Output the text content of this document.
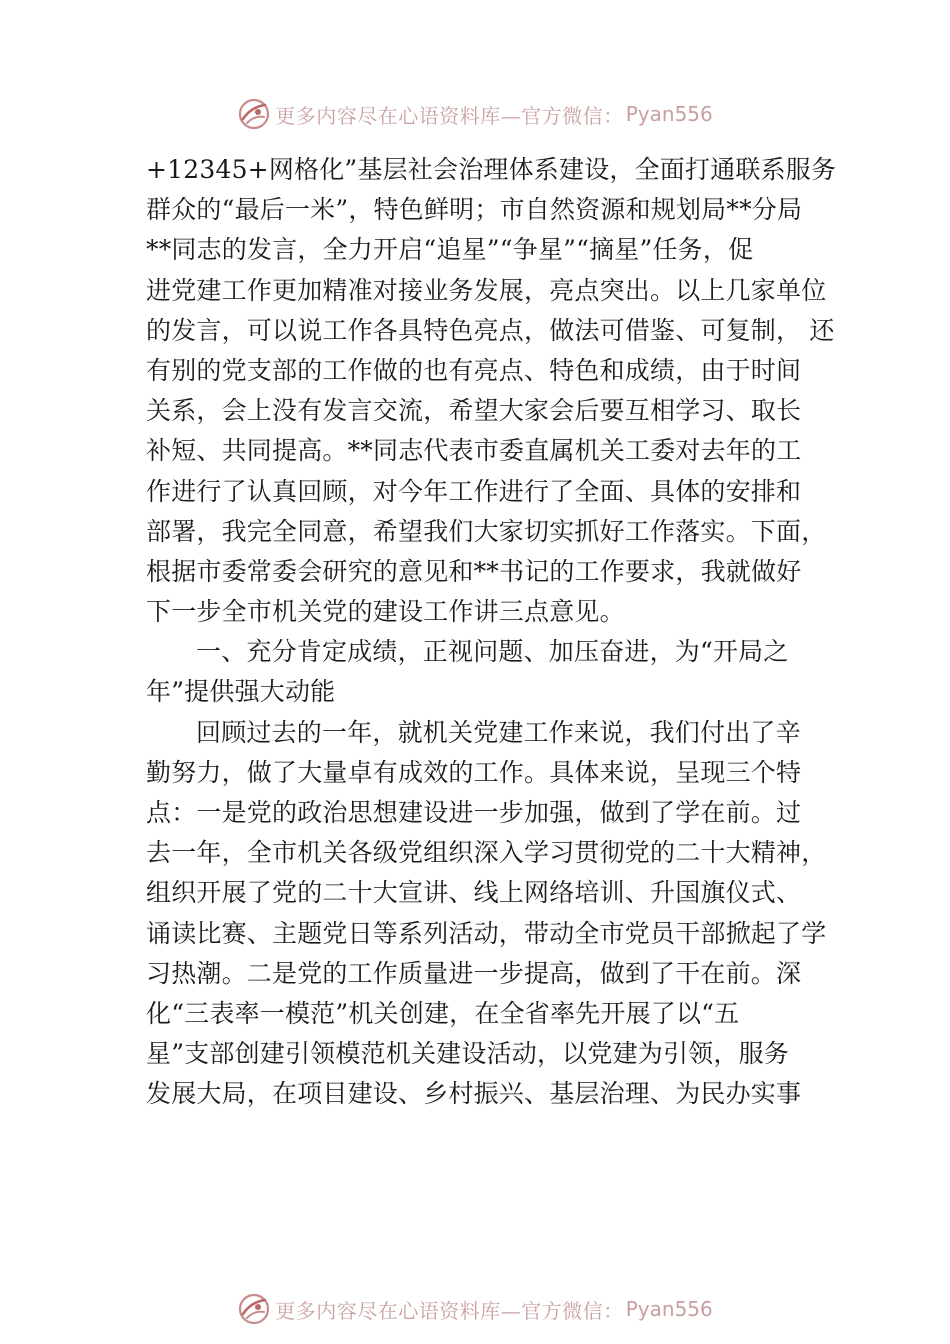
更多内容尽在心语资料库—官方微信： Pyan556
+12345+网格化”基层社会治理体系建设，全面打通联系服务
群众的“最后一米”，特色鲜明；市自然资源和规划局**分局
**同志的发言，全力开启“追星”“争星”“摘星”任务，促
进党建工作更加精准对接业务发展，亮点突出。以上几家单位
的发言，可以说工作各具特色亮点，做法可借鉴、可复制， 还
有别的党支部的工作做的也有亮点、特色和成绩，由于时间
关系，会上没有发言交流，希望大家会后要互相学习、取长
补短、共同提高。**同志代表市委直属机关工委对去年的工
作进行了认真回顾，对今年工作进行了全面、具体的安排和
部署，我完全同意，希望我们大家切实抓好工作落实。下面，
根据市委常委会研究的意见和**书记的工作要求，我就做好
下一步全市机关党的建设工作讲三点意见。
一、充分肯定成绩，正视问题、加压奋进，为“开局之
年”提供强大动能
回顾过去的一年，就机关党建工作来说，我们付出了辛
勤努力，做了大量卓有成效的工作。具体来说，呈现三个特
点：一是党的政治思想建设进一步加强，做到了学在前。过
去一年，全市机关各级党组织深入学习贯彻党的二十大精神，
组织开展了党的二十大宣讲、线上网络培训、升国旗仪式、
诵读比赛、主题党日等系列活动，带动全市党员干部掀起了学
习热潮。二是党的工作质量进一步提高，做到了干在前。深
化“三表率一模范”机关创建，在全省率先开展了以“五
星”支部创建引领模范机关建设活动，以党建为引领，服务
发展大局，在项目建设、乡村振兴、基层治理、为民办实事
更多内容尽在心语资料库—官方微信： Pyan556
